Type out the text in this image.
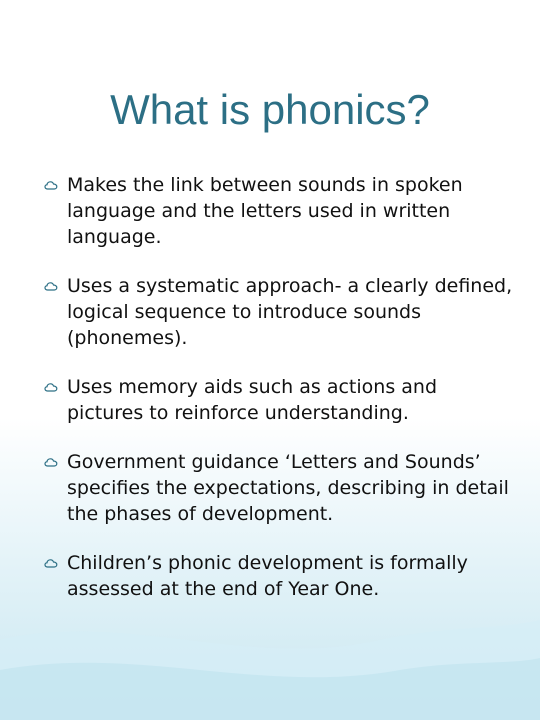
What is phonics?
Makes the link between sounds in spoken language and the letters used in written language.
Uses a systematic approach- a clearly defined, logical sequence to introduce sounds (phonemes).
Uses memory aids such as actions and pictures to reinforce understanding.
Government guidance ‘Letters and Sounds’ specifies the expectations, describing in detail the phases of development.
Children’s phonic development is formally assessed at the end of Year One.
